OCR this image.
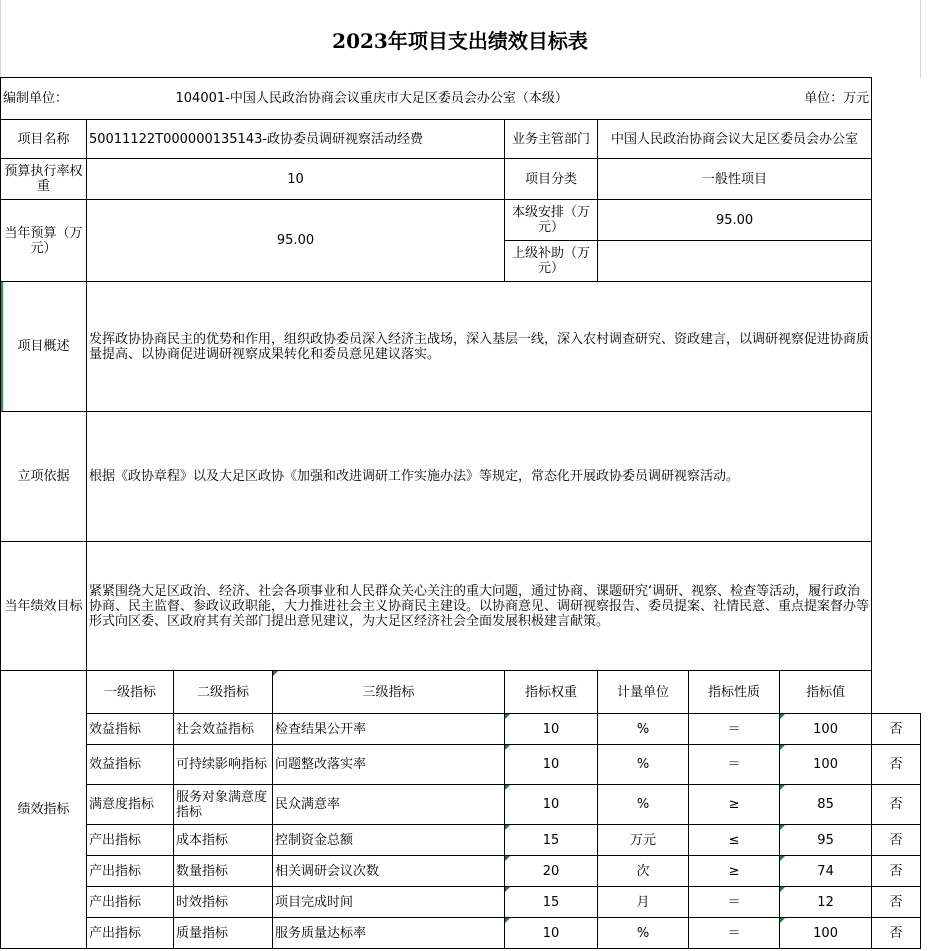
2023年项目支出绩效目标表
编制单位：		104001-中国人民政治协商会议重庆市大足区委员会办公室（本级）					单位：万元	
项目名称	50011122T000000135143-政协委员调研视察活动经费			业务主管部门	中国人民政治协商会议大足区委员会办公室			
预算执行率权重	10			项目分类	一般性项目			
当年预算（万元）	95.00			本级安排（万元）	95.00			
				上级补助（万元）				
项目概述	发挥政协协商民主的优势和作用，组织政协委员深入经济主战场，深入基层一线，深入农村调查研究、资政建言，以调研视察促进协商质量提高、以协商促进调研视察成果转化和委员意见建议落实。							
立项依据	根据《政协章程》以及大足区政协《加强和改进调研工作实施办法》等规定，常态化开展政协委员调研视察活动。							
当年绩效目标	紧紧围绕大足区政治、经济、社会各项事业和人民群众关心关注的重大问题，通过协商、课题研究‘调研、视察、检查等活动，履行政治协商、民主监督、参政议政职能，大力推进社会主义协商民主建设。以协商意见、调研视察报告、委员提案、社情民意、重点提案督办等形式向区委、区政府其有关部门提出意见建议，为大足区经济社会全面发展积极建言献策。							
绩效指标	一级指标	二级指标	三级指标	指标权重	计量单位	指标性质	指标值	
	效益指标	社会效益指标	检查结果公开率	10	%	＝	100	否
	效益指标	可持续影响指标	问题整改落实率	10	%	＝	100	否
	满意度指标	服务对象满意度指标	民众满意率	10	%	≥	85	否
	产出指标	成本指标	控制资金总额	15	万元	≤	95	否
	产出指标	数量指标	相关调研会议次数	20	次	≥	74	否
	产出指标	时效指标	项目完成时间	15	月	＝	12	否
	产出指标	质量指标	服务质量达标率	10	%	＝	100	否
